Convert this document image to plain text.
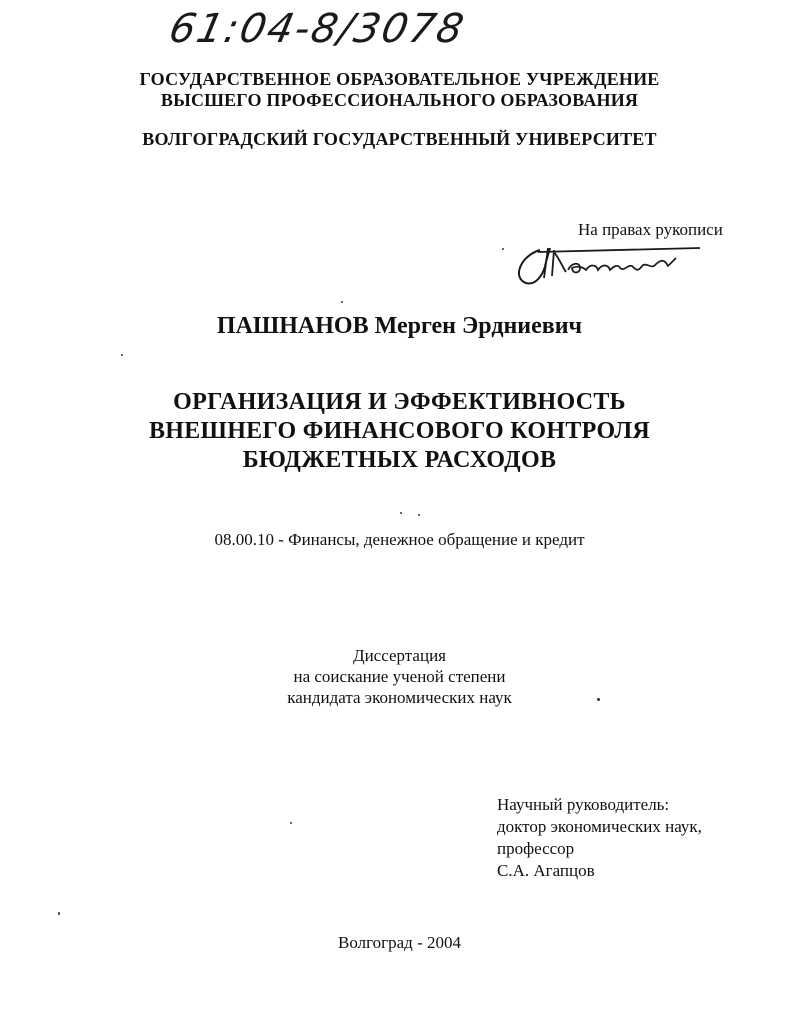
61:04-8/3078
ГОСУДАРСТВЕННОЕ ОБРАЗОВАТЕЛЬНОЕ УЧРЕЖДЕНИЕ
ВЫСШЕГО ПРОФЕССИОНАЛЬНОГО ОБРАЗОВАНИЯ
ВОЛГОГРАДСКИЙ ГОСУДАРСТВЕННЫЙ УНИВЕРСИТЕТ
На правах рукописи
ПАШНАНОВ Мерген Эрдниевич
ОРГАНИЗАЦИЯ И ЭФФЕКТИВНОСТЬ
ВНЕШНЕГО ФИНАНСОВОГО КОНТРОЛЯ
БЮДЖЕТНЫХ РАСХОДОВ
08.00.10 - Финансы, денежное обращение и кредит
Диссертация
на соискание ученой степени
кандидата экономических наук
Научный руководитель:
доктор экономических наук,
профессор
С.А. Агапцов
Волгоград - 2004
